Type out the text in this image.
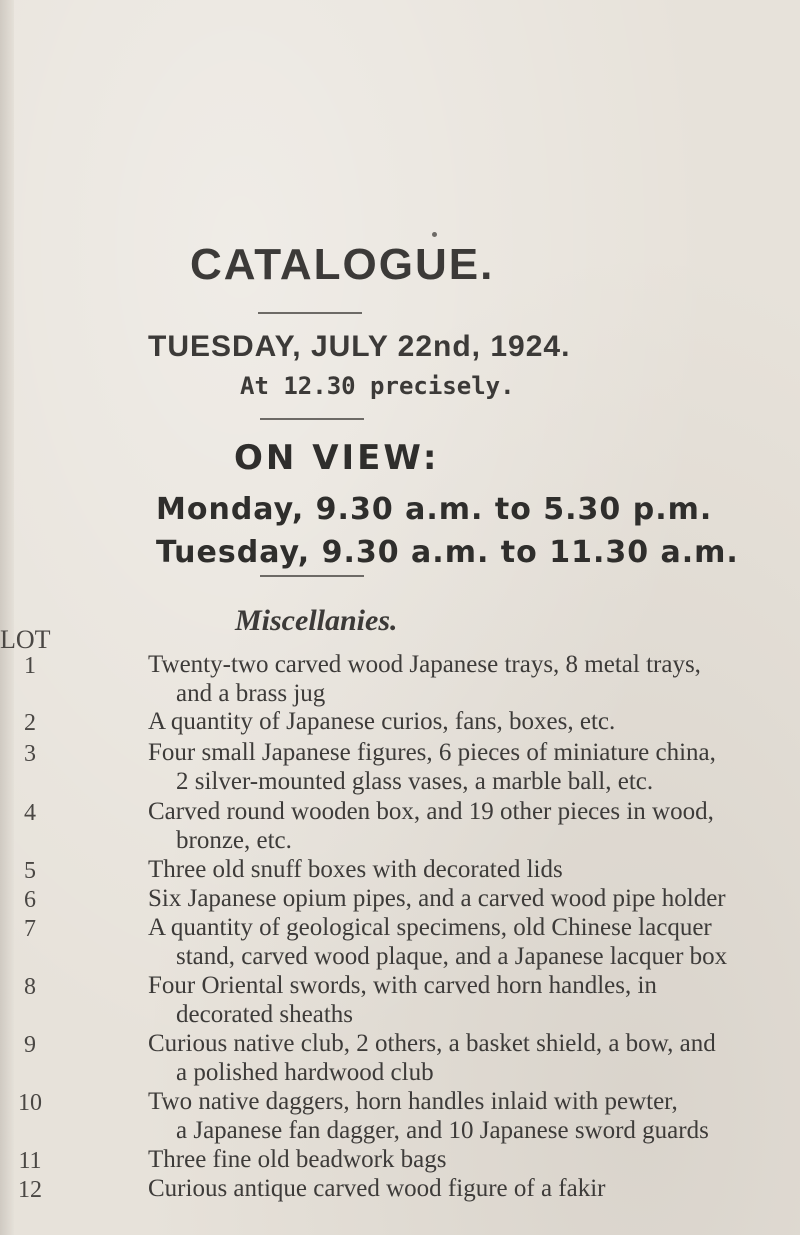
CATALOGUE.
TUESDAY, JULY 22nd, 1924.
At 12.30 precisely.
ON VIEW:
Monday, 9.30 a.m. to 5.30 p.m.
Tuesday, 9.30 a.m. to 11.30 a.m.
Miscellanies.
LOT
1	Twenty-two carved wood Japanese trays, 8 metal trays,
and a brass jug
2	A quantity of Japanese curios, fans, boxes, etc.
3	Four small Japanese figures, 6 pieces of miniature china,
2 silver-mounted glass vases, a marble ball, etc.
4	Carved round wooden box, and 19 other pieces in wood,
bronze, etc.
5	Three old snuff boxes with decorated lids
6	Six Japanese opium pipes, and a carved wood pipe holder
7	A quantity of geological specimens, old Chinese lacquer
stand, carved wood plaque, and a Japanese lacquer box
8	Four Oriental swords, with carved horn handles, in
decorated sheaths
9	Curious native club, 2 others, a basket shield, a bow, and
a polished hardwood club
10	Two native daggers, horn handles inlaid with pewter,
a Japanese fan dagger, and 10 Japanese sword guards
11	Three fine old beadwork bags
12	Curious antique carved wood figure of a fakir
